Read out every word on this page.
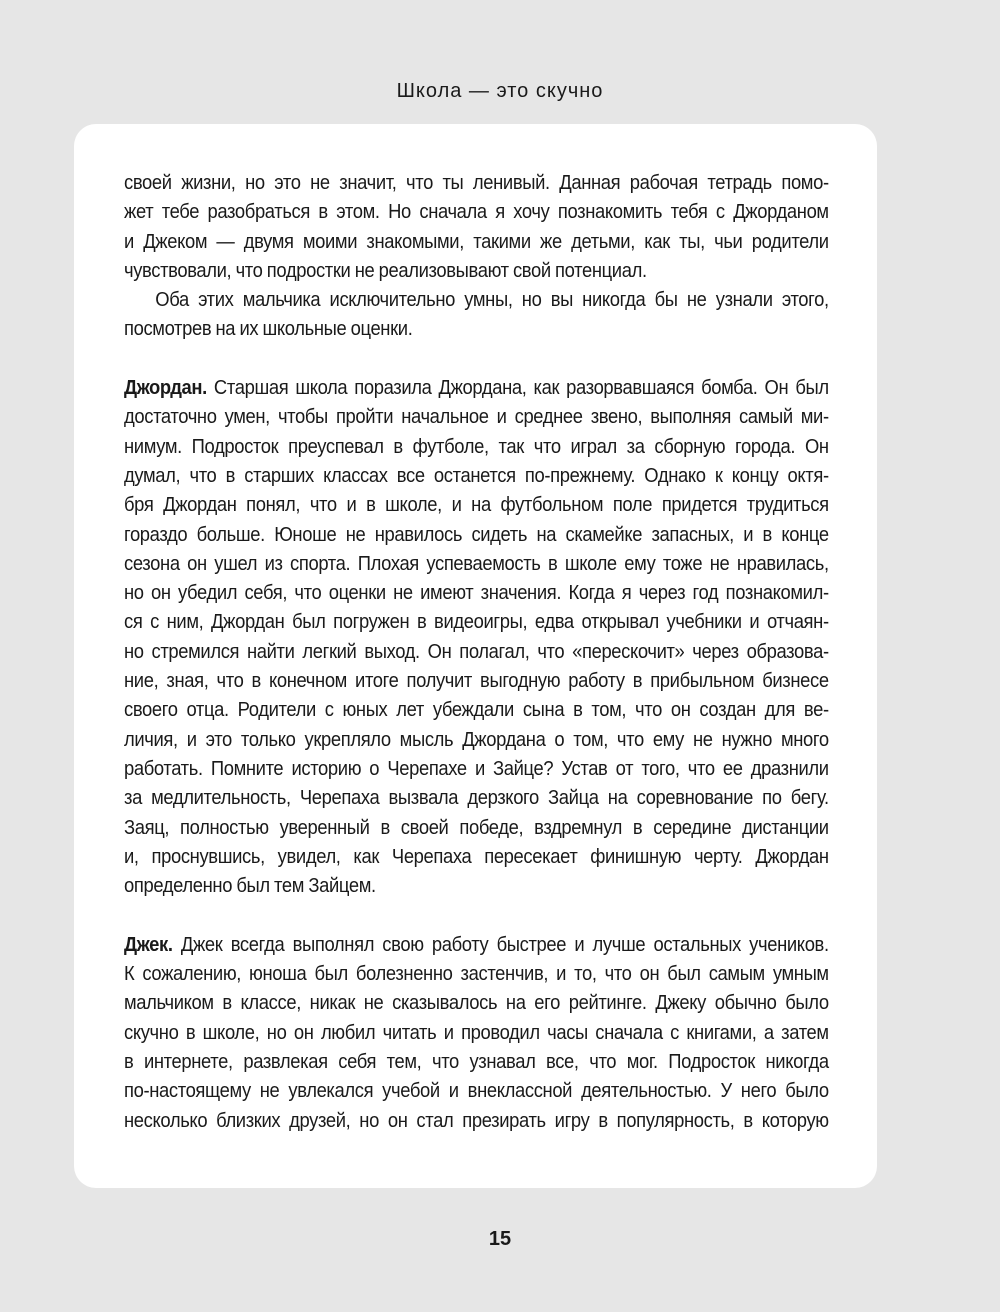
Школа — это скучно
своей жизни, но это не значит, что ты ленивый. Данная рабочая тетрадь помо-
жет тебе разобраться в этом. Но сначала я хочу познакомить тебя с Джорданом
и Джеком — двумя моими знакомыми, такими же детьми, как ты, чьи родители
чувствовали, что подростки не реализовывают свой потенциал.
Оба этих мальчика исключительно умны, но вы никогда бы не узнали этого,
посмотрев на их школьные оценки.
Джордан. Старшая школа поразила Джордана, как разорвавшаяся бомба. Он был
достаточно умен, чтобы пройти начальное и среднее звено, выполняя самый ми-
нимум. Подросток преуспевал в футболе, так что играл за сборную города. Он
думал, что в старших классах все останется по-прежнему. Однако к концу октя-
бря Джордан понял, что и в школе, и на футбольном поле придется трудиться
гораздо больше. Юноше не нравилось сидеть на скамейке запасных, и в конце
сезона он ушел из спорта. Плохая успеваемость в школе ему тоже не нравилась,
но он убедил себя, что оценки не имеют значения. Когда я через год познакомил-
ся с ним, Джордан был погружен в видеоигры, едва открывал учебники и отчаян-
но стремился найти легкий выход. Он полагал, что «перескочит» через образова-
ние, зная, что в конечном итоге получит выгодную работу в прибыльном бизнесе
своего отца. Родители с юных лет убеждали сына в том, что он создан для ве-
личия, и это только укрепляло мысль Джордана о том, что ему не нужно много
работать. Помните историю о Черепахе и Зайце? Устав от того, что ее дразнили
за медлительность, Черепаха вызвала дерзкого Зайца на соревнование по бегу.
Заяц, полностью уверенный в своей победе, вздремнул в середине дистанции
и, проснувшись, увидел, как Черепаха пересекает финишную черту. Джордан
определенно был тем Зайцем.
Джек. Джек всегда выполнял свою работу быстрее и лучше остальных учеников.
К сожалению, юноша был болезненно застенчив, и то, что он был самым умным
мальчиком в классе, никак не сказывалось на его рейтинге. Джеку обычно было
скучно в школе, но он любил читать и проводил часы сначала с книгами, а затем
в интернете, развлекая себя тем, что узнавал все, что мог. Подросток никогда
по-настоящему не увлекался учебой и внеклассной деятельностью. У него было
несколько близких друзей, но он стал презирать игру в популярность, в которую
15
